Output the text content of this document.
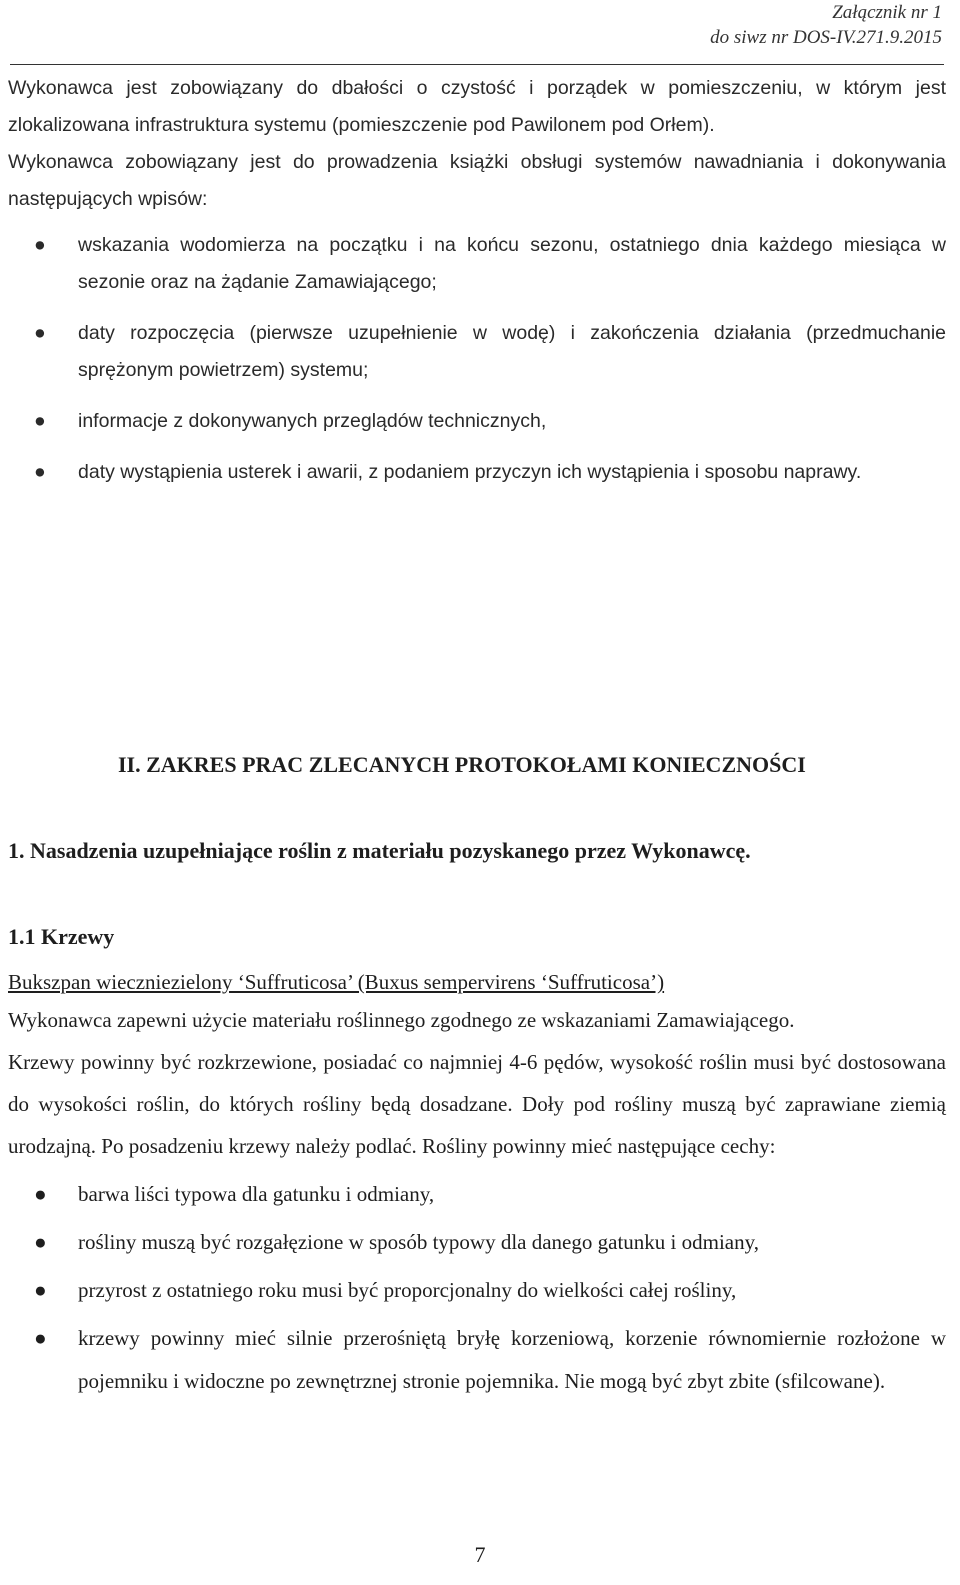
Załącznik nr 1
do siwz nr DOS-IV.271.9.2015

Wykonawca jest zobowiązany do dbałości o czystość i porządek w pomieszczeniu, w którym jest zlokalizowana infrastruktura systemu (pomieszczenie pod Pawilonem pod Orłem).

Wykonawca zobowiązany jest do prowadzenia książki obsługi systemów nawadniania i dokonywania następujących wpisów:

● wskazania wodomierza na początku i na końcu sezonu, ostatniego dnia każdego miesiąca w sezonie oraz na żądanie Zamawiającego;
● daty rozpoczęcia (pierwsze uzupełnienie w wodę) i zakończenia działania (przedmuchanie sprężonym powietrzem) systemu;
● informacje z dokonywanych przeglądów technicznych,
● daty wystąpienia usterek i awarii, z podaniem przyczyn ich wystąpienia i sposobu naprawy.
II. ZAKRES PRAC ZLECANYCH PROTOKOŁAMI KONIECZNOŚCI
1. Nasadzenia uzupełniające roślin z materiału pozyskanego przez Wykonawcę.
1.1 Krzewy

Bukszpan wieczniezielony ‘Suffruticosa’ (Buxus sempervirens ‘Suffruticosa’)

Wykonawca zapewni użycie materiału roślinnego zgodnego ze wskazaniami Zamawiającego.

Krzewy powinny być rozkrzewione, posiadać co najmniej 4-6 pędów, wysokość roślin musi być dostosowana do wysokości roślin, do których rośliny będą dosadzane. Doły pod rośliny muszą być zaprawiane ziemią urodzajną. Po posadzeniu krzewy należy podlać. Rośliny powinny mieć następujące cechy:

● barwa liści typowa dla gatunku i odmiany,
● rośliny muszą być rozgałęzione w sposób typowy dla danego gatunku i odmiany,
● przyrost z ostatniego roku musi być proporcjonalny do wielkości całej rośliny,
● krzewy powinny mieć silnie przerośniętą bryłę korzeniową, korzenie równomiernie rozłożone w pojemniku i widoczne po zewnętrznej stronie pojemnika. Nie mogą być zbyt zbite (sfilcowane).
7
